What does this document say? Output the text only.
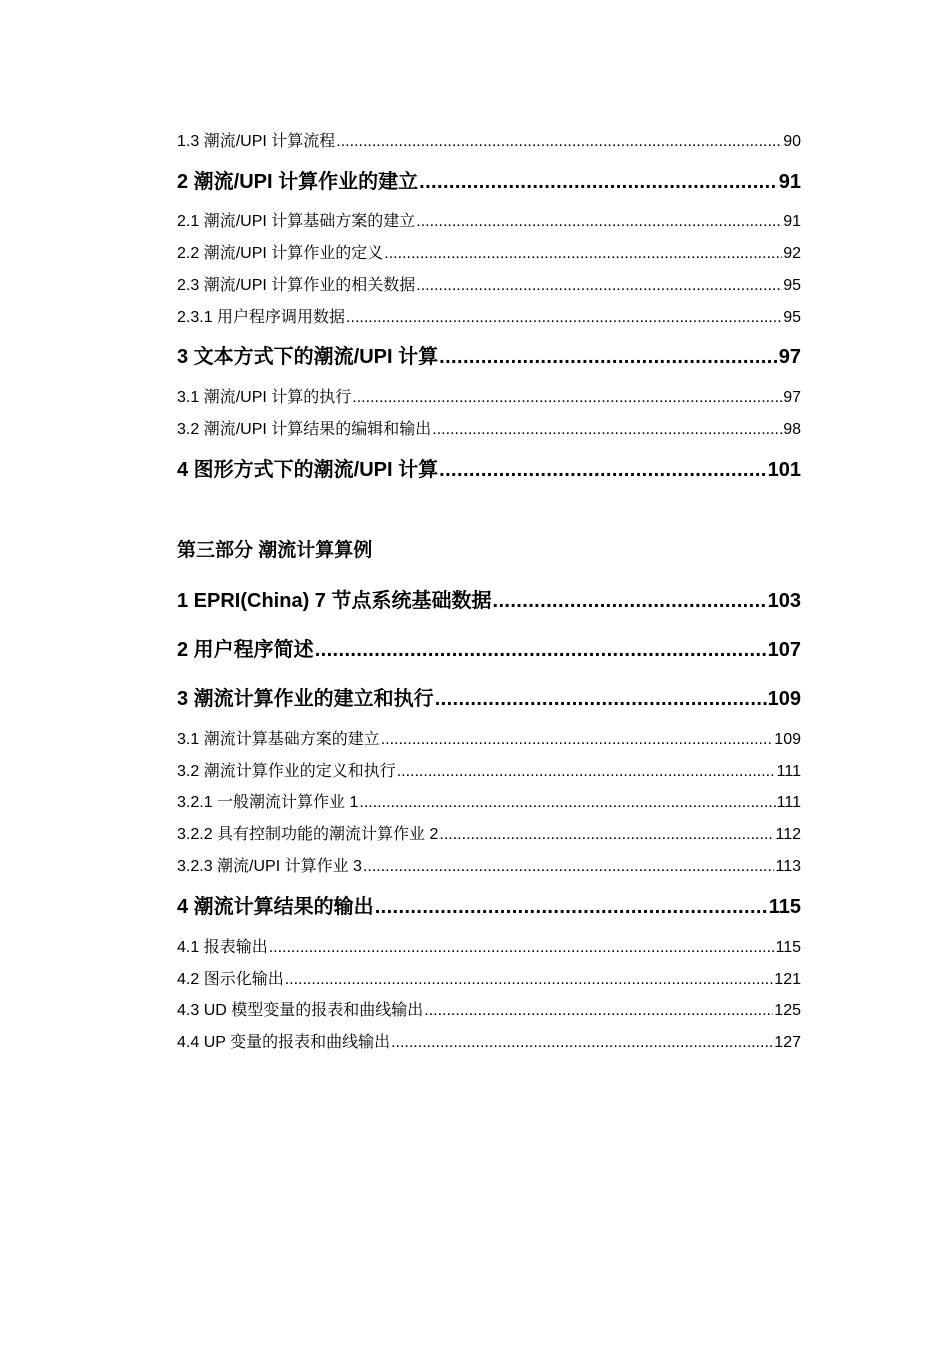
1.3 潮流/UPI 计算流程 .....	90
2 潮流/UPI 计算作业的建立 .....	91
2.1 潮流/UPI 计算基础方案的建立 .....	91
2.2 潮流/UPI 计算作业的定义 .....	92
2.3 潮流/UPI 计算作业的相关数据 .....	95
2.3.1 用户程序调用数据 .....	95
3 文本方式下的潮流/UPI 计算 .....	97
3.1 潮流/UPI 计算的执行 .....	97
3.2 潮流/UPI 计算结果的编辑和输出 .....	98
4 图形方式下的潮流/UPI 计算 .....	101
第三部分 潮流计算算例
1 EPRI(China) 7 节点系统基础数据 .....	103
2 用户程序简述 .....	107
3 潮流计算作业的建立和执行 .....	109
3.1 潮流计算基础方案的建立 .....	109
3.2 潮流计算作业的定义和执行 .....	111
3.2.1 一般潮流计算作业 1 .....	111
3.2.2 具有控制功能的潮流计算作业 2 .....	112
3.2.3 潮流/UPI 计算作业 3 .....	113
4 潮流计算结果的输出 .....	115
4.1 报表输出 .....	115
4.2 图示化输出 .....	121
4.3 UD 模型变量的报表和曲线输出 .....	125
4.4 UP 变量的报表和曲线输出 .....	127
